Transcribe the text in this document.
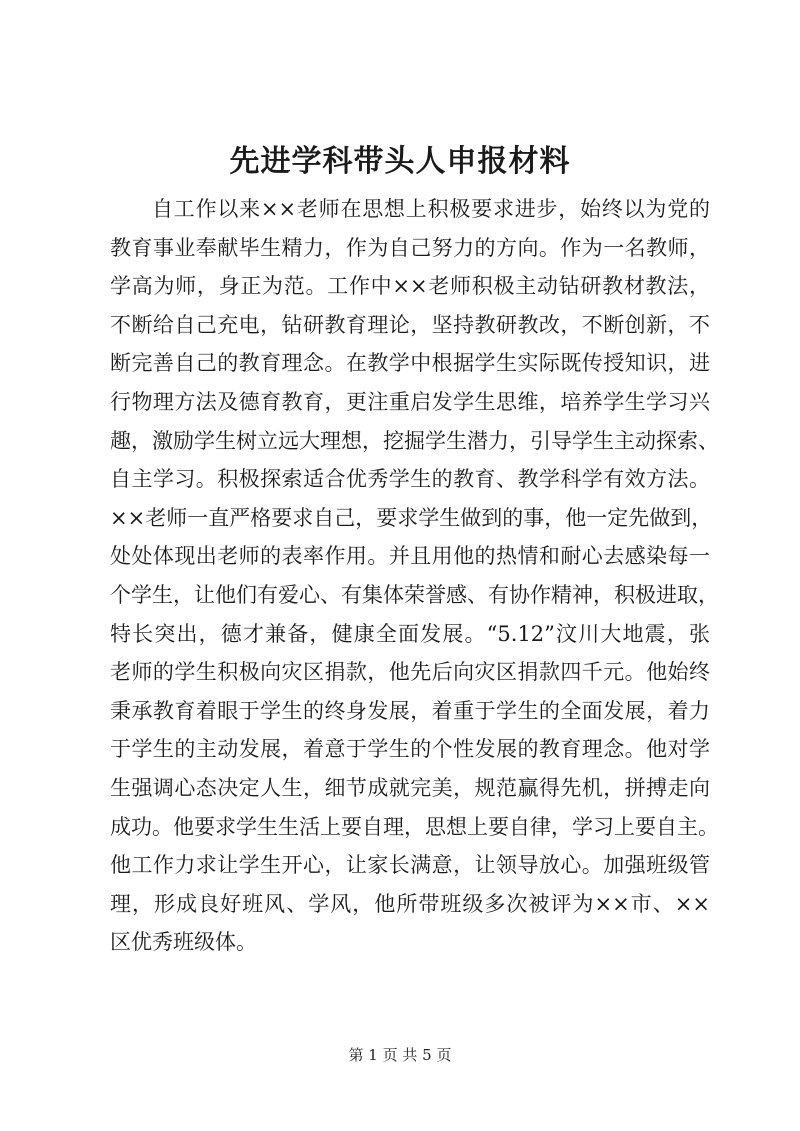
先进学科带头人申报材料
自工作以来××老师在思想上积极要求进步，始终以为党的
教育事业奉献毕生精力，作为自己努力的方向。作为一名教师，
学高为师，身正为范。工作中××老师积极主动钻研教材教法，
不断给自己充电，钻研教育理论，坚持教研教改，不断创新，不
断完善自己的教育理念。在教学中根据学生实际既传授知识，进
行物理方法及德育教育，更注重启发学生思维，培养学生学习兴
趣，激励学生树立远大理想，挖掘学生潜力，引导学生主动探索、
自主学习。积极探索适合优秀学生的教育、教学科学有效方法。
××老师一直严格要求自己，要求学生做到的事，他一定先做到，
处处体现出老师的表率作用。并且用他的热情和耐心去感染每一
个学生，让他们有爱心、有集体荣誉感、有协作精神，积极进取，
特长突出，德才兼备，健康全面发展。“5.12”汶川大地震，张
老师的学生积极向灾区捐款，他先后向灾区捐款四千元。他始终
秉承教育着眼于学生的终身发展，着重于学生的全面发展，着力
于学生的主动发展，着意于学生的个性发展的教育理念。他对学
生强调心态决定人生，细节成就完美，规范赢得先机，拼搏走向
成功。他要求学生生活上要自理，思想上要自律，学习上要自主。
他工作力求让学生开心，让家长满意，让领导放心。加强班级管
理，形成良好班风、学风，他所带班级多次被评为××市、××
区优秀班级体。
第 1 页 共 5 页
